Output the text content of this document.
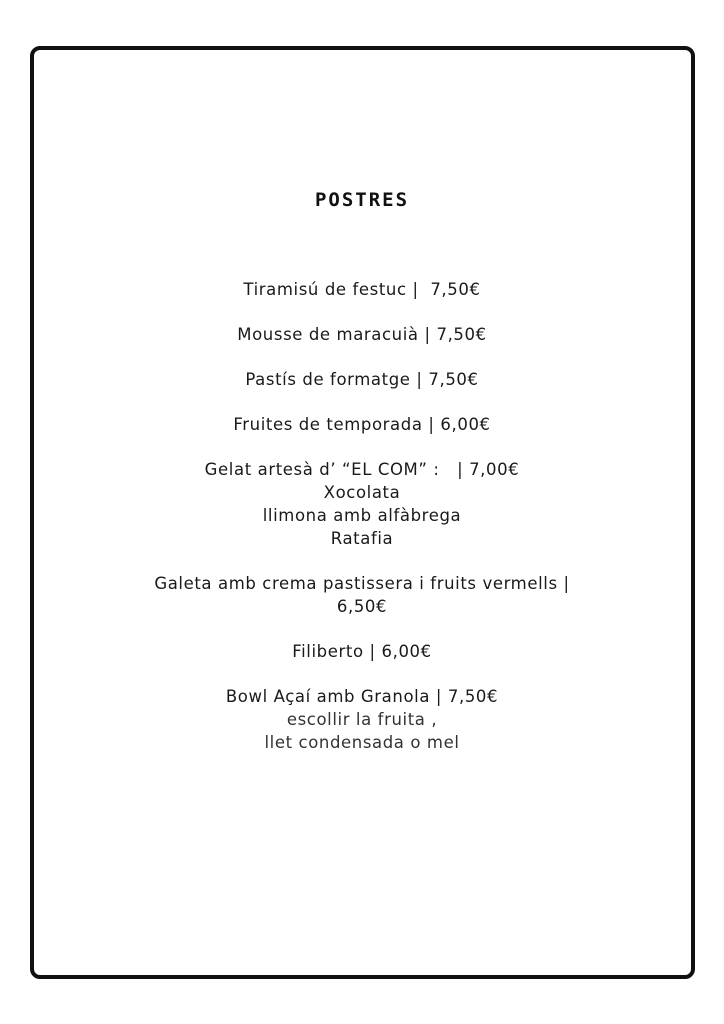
POSTRES
Tiramisú de festuc |  7,50€
Mousse de maracuià | 7,50€
Pastís de formatge | 7,50€
Fruites de temporada | 6,00€
Gelat artesà d’ “EL COM” :   | 7,00€
Xocolata
llimona amb alfàbrega
Ratafia
Galeta amb crema pastissera i fruits vermells |
6,50€
Filiberto | 6,00€
Bowl Açaí amb Granola | 7,50€
escollir la fruita ,
llet condensada o mel
